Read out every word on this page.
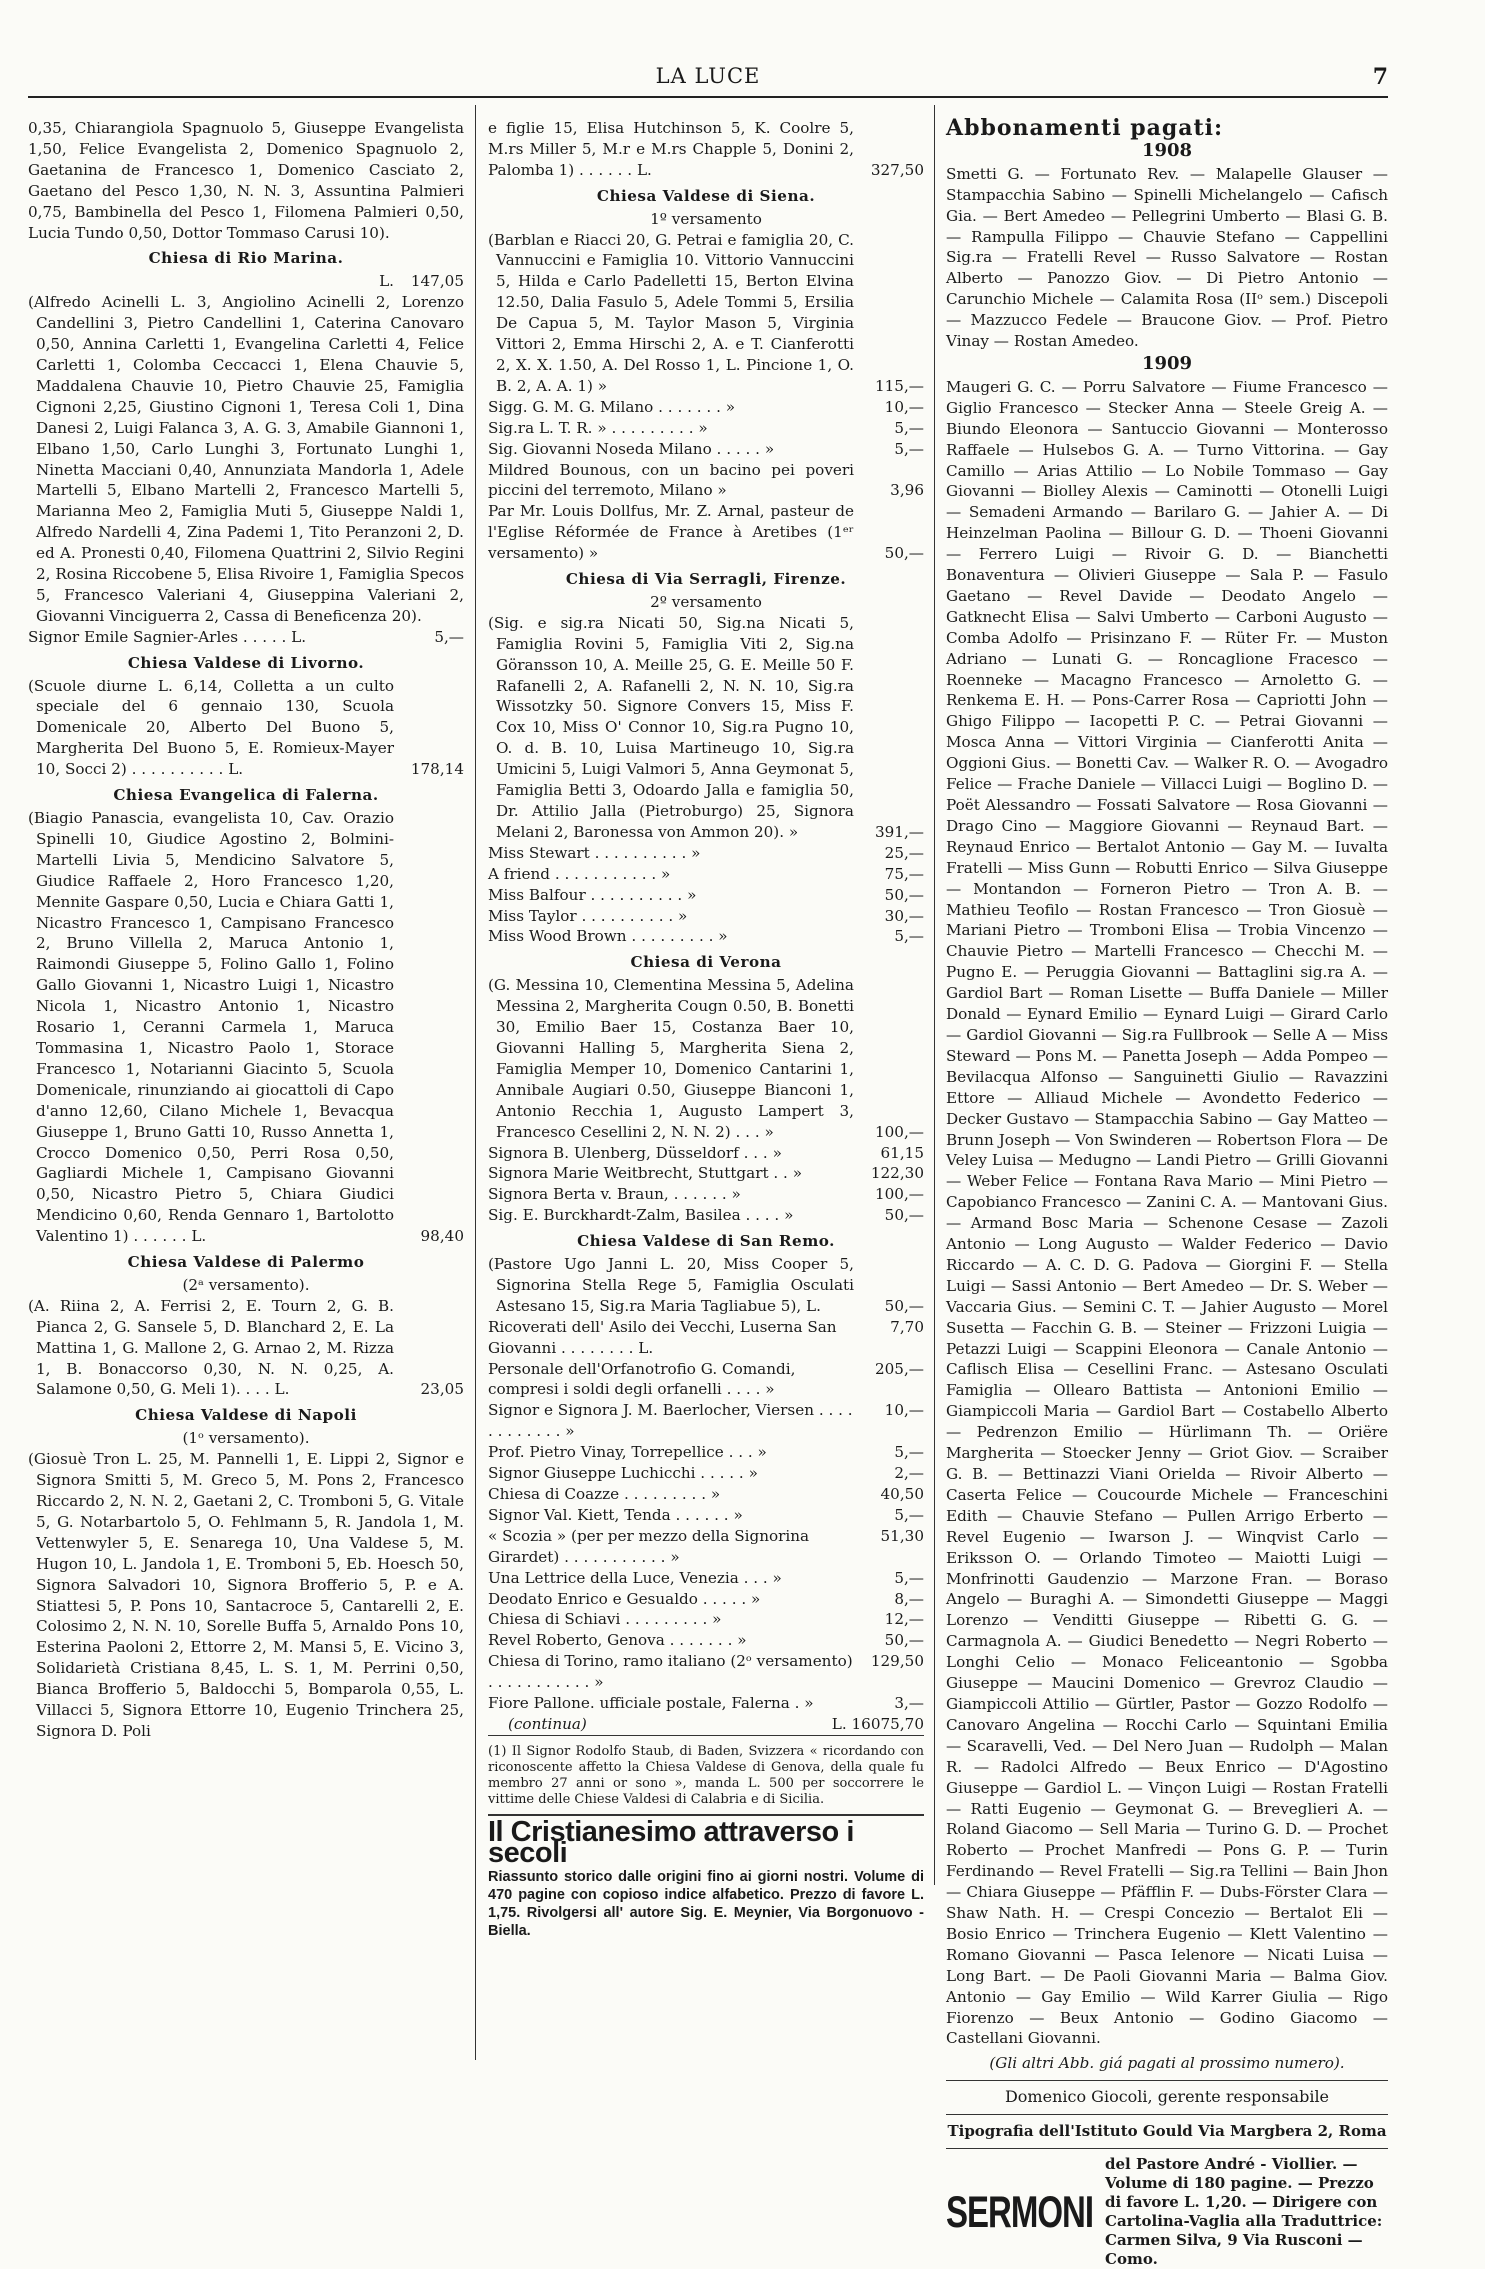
LA LUCE	7

0,35, Chiarangiola Spagnuolo 5, Giuseppe Evangelista 1,50, Felice Evangelista 2, Domenico Spagnuolo 2, Gaetanina de Francesco 1, Domenico Casciato 2, Gaetano del Pesco 1,30, N. N. 3, Assuntina Palmieri 0,75, Bambinella del Pesco 1, Filomena Palmieri 0,50, Lucia Tundo 0,50, Dottor Tommaso Carusi 10).

Chiesa di Rio Marina.
L.	147,05

(Alfredo Acinelli L. 3, Angiolino Acinelli 2, Lorenzo Candellini 3, Pietro Candellini 1, Caterina Canovaro 0,50, Annina Carletti 1, Evangelina Carletti 4, Felice Carletti 1, Colomba Ceccacci 1, Elena Chauvie 5, Maddalena Chauvie 10, Pietro Chauvie 25, Famiglia Cignoni 2,25, Giustino Cignoni 1, Teresa Coli 1, Dina Danesi 2, Luigi Falanca 3, A. G. 3, Amabile Giannoni 1, Elbano 1,50, Carlo Lunghi 3, Fortunato Lunghi 1, Ninetta Macciani 0,40, Annunziata Mandorla 1, Adele Martelli 5, Elbano Martelli 2, Francesco Martelli 5, Marianna Meo 2, Famiglia Muti 5, Giuseppe Naldi 1, Alfredo Nardelli 4, Zina Pademi 1, Tito Peranzoni 2, D. ed A. Pronesti 0,40, Filomena Quattrini 2, Silvio Regini 2, Rosina Riccobene 5, Elisa Rivoire 1, Famiglia Specos 5, Francesco Valeriani 4, Giuseppina Valeriani 2, Giovanni Vinciguerra 2, Cassa di Beneficenza 20).

Signor Emile Sagnier-Arles . . . . . L.	5,—
Chiesa Valdese di Livorno.

(Scuole diurne L. 6,14, Colletta a un culto speciale del 6 gennaio 130, Scuola Domenicale 20, Alberto Del Buono 5, Margherita Del Buono 5, E. Romieux-Mayer 10, Socci 2) . . . . . . . . . . L.	178,14
Chiesa Evangelica di Falerna.

(Biagio Panascia, evangelista 10, Cav. Orazio Spinelli 10, Giudice Agostino 2, Bolmini-Martelli Livia 5, Mendicino Salvatore 5, Giudice Raffaele 2, Horo Francesco 1,20, Mennite Gaspare 0,50, Lucia e Chiara Gatti 1, Nicastro Francesco 1, Campisano Francesco 2, Bruno Villella 2, Maruca Antonio 1, Raimondi Giuseppe 5, Folino Gallo 1, Folino Gallo Giovanni 1, Nicastro Luigi 1, Nicastro Nicola 1, Nicastro Antonio 1, Nicastro Rosario 1, Ceranni Carmela 1, Maruca Tommasina 1, Nicastro Paolo 1, Storace Francesco 1, Notarianni Giacinto 5, Scuola Domenicale, rinunziando ai giocattoli di Capo d'anno 12,60, Cilano Michele 1, Bevacqua Giuseppe 1, Bruno Gatti 10, Russo Annetta 1, Crocco Domenico 0,50, Perri Rosa 0,50, Gagliardi Michele 1, Campisano Giovanni 0,50, Nicastro Pietro 5, Chiara Giudici Mendicino 0,60, Renda Gennaro 1, Bartolotto Valentino 1) . . . . . . L.	98,40
Chiesa Valdese di Palermo
(2ᵃ versamento).

(A. Riina 2, A. Ferrisi 2, E. Tourn 2, G. B. Pianca 2, G. Sansele 5, D. Blanchard 2, E. La Mattina 1, G. Mallone 2, G. Arnao 2, M. Rizza 1, B. Bonaccorso 0,30, N. N. 0,25, A. Salamone 0,50, G. Meli 1). . . . L.	23,05
Chiesa Valdese di Napoli
(1ᵒ versamento).

(Giosuè Tron L. 25, M. Pannelli 1, E. Lippi 2, Signor e Signora Smitti 5, M. Greco 5, M. Pons 2, Francesco Riccardo 2, N. N. 2, Gaetani 2, C. Tromboni 5, G. Vitale 5, G. Notarbartolo 5, O. Fehlmann 5, R. Jandola 1, M. Vettenwyler 5, E. Senarega 10, Una Valdese 5, M. Hugon 10, L. Jandola 1, E. Tromboni 5, Eb. Hoesch 50, Signora Salvadori 10, Signora Brofferio 5, P. e A. Stiattesi 5, P. Pons 10, Santacroce 5, Cantarelli 2, E. Colosimo 2, N. N. 10, Sorelle Buffa 5, Arnaldo Pons 10, Esterina Paoloni 2, Ettorre 2, M. Mansi 5, E. Vicino 3, Solidarietà Cristiana 8,45, L. S. 1, M. Perrini 0,50, Bianca Brofferio 5, Baldocchi 5, Bomparola 0,55, L. Villacci 5, Signora Ettorre 10, Eugenio Trinchera 25, Signora D. Poli

e figlie 15, Elisa Hutchinson 5, K. Coolre 5, M.rs Miller 5, M.r e M.rs Chapple 5, Donini 2, Palomba 1) . . . . . . L.	327,50
Chiesa Valdese di Siena.
1º versamento

(Barblan e Riacci 20, G. Petrai e famiglia 20, C. Vannuccini e Famiglia 10. Vittorio Vannuccini 5, Hilda e Carlo Padelletti 15, Berton Elvina 12.50, Dalia Fasulo 5, Adele Tommi 5, Ersilia De Capua 5, M. Taylor Mason 5, Virginia Vittori 2, Emma Hirschi 2, A. e T. Cianferotti 2, X. X. 1.50, A. Del Rosso 1, L. Pincione 1, O. B. 2, A. A. 1) »	115,—
Sigg. G. M. G. Milano . . . . . . . »	10,—
Sig.ra L. T. R. » . . . . . . . . . »	5,—
Sig. Giovanni Noseda Milano . . . . . »	5,—

Mildred Bounous, con un bacino pei poveri piccini del terremoto, Milano »	3,96

Par Mr. Louis Dollfus, Mr. Z. Arnal, pasteur de l'Eglise Réformée de France à Aretibes (1ᵉʳ versamento) »	50,—
Chiesa di Via Serragli, Firenze.
2º versamento

(Sig. e sig.ra Nicati 50, Sig.na Nicati 5, Famiglia Rovini 5, Famiglia Viti 2, Sig.na Göransson 10, A. Meille 25, G. E. Meille 50 F. Rafanelli 2, A. Rafanelli 2, N. N. 10, Sig.ra Wissotzky 50. Signore Convers 15, Miss F. Cox 10, Miss O' Connor 10, Sig.ra Pugno 10, O. d. B. 10, Luisa Martineugo 10, Sig.ra Umicini 5, Luigi Valmori 5, Anna Geymonat 5, Famiglia Betti 3, Odoardo Jalla e famiglia 50, Dr. Attilio Jalla (Pietroburgo) 25, Signora Melani 2, Baronessa von Ammon 20). »	391,—
Miss Stewart . . . . . . . . . . »	25,—
A friend . . . . . . . . . . . »	75,—
Miss Balfour . . . . . . . . . . »	50,—
Miss Taylor . . . . . . . . . . »	30,—
Miss Wood Brown . . . . . . . . . »	5,—
Chiesa di Verona

(G. Messina 10, Clementina Messina 5, Adelina Messina 2, Margherita Cougn 0.50, B. Bonetti 30, Emilio Baer 15, Costanza Baer 10, Giovanni Halling 5, Margherita Siena 2, Famiglia Memper 10, Domenico Cantarini 1, Annibale Augiari 0.50, Giuseppe Bianconi 1, Antonio Recchia 1, Augusto Lampert 3, Francesco Cesellini 2, N. N. 2) . . . »	100,—
Signora B. Ulenberg, Düsseldorf . . . »	61,15
Signora Marie Weitbrecht, Stuttgart . . »	122,30
Signora Berta v. Braun, . . . . . . »	100,—
Sig. E. Burckhardt-Zalm, Basilea . . . . »	50,—
Chiesa Valdese di San Remo.

(Pastore Ugo Janni L. 20, Miss Cooper 5, Signorina Stella Rege 5, Famiglia Osculati Astesano 15, Sig.ra Maria Tagliabue 5), L.	50,—
Ricoverati dell' Asilo dei Vecchi, Luserna San Giovanni . . . . . . . . L.
7,70
Personale dell'Orfanotrofio G. Comandi, compresi i soldi degli orfanelli . . . . »
205,—
Signor e Signora J. M. Baerlocher, Viersen . . . . . . . . . . . . »
10,—
Prof. Pietro Vinay, Torrepellice . . . »	5,—
Signor Giuseppe Luchicchi . . . . . »	2,—
Chiesa di Coazze . . . . . . . . . »	40,50
Signor Val. Kiett, Tenda . . . . . . »	5,—
« Scozia » (per per mezzo della Signorina Girardet) . . . . . . . . . . . »
51,30
Una Lettrice della Luce, Venezia . . . »	5,—
Deodato Enrico e Gesualdo . . . . . »	8,—
Chiesa di Schiavi . . . . . . . . . »	12,—
Revel Roberto, Genova . . . . . . . »	50,—
Chiesa di Torino, ramo italiano (2ᵒ versamento) . . . . . . . . . . . »
129,50
Fiore Pallone. ufficiale postale, Falerna . »	3,—
(continua)	L. 16075,70
(1) Il Signor Rodolfo Staub, di Baden, Svizzera « ricordando con riconoscente affetto la Chiesa Valdese di Genova, della quale fu membro 27 anni or sono », manda L. 500 per soccorrere le vittime delle Chiese Valdesi di Calabria e di Sicilia.
Il Cristianesimo attraverso i secoli
Riassunto storico dalle origini fino ai giorni nostri. Volume di 470 pagine con copioso indice alfabetico. Prezzo di favore L. 1,75. Rivolgersi all' autore Sig. E. Meynier, Via Borgonuovo - Biella.
Abbonamenti pagati:
1908

Smetti G. — Fortunato Rev. — Malapelle Glauser — Stampacchia Sabino — Spinelli Michelangelo — Cafisch Gia. — Bert Amedeo — Pellegrini Umberto — Blasi G. B. — Rampulla Filippo — Chauvie Stefano — Cappellini Sig.ra — Fratelli Revel — Russo Salvatore — Rostan Alberto — Panozzo Giov. — Di Pietro Antonio — Carunchio Michele — Calamita Rosa (IIᵒ sem.) Discepoli — Mazzucco Fedele — Braucone Giov. — Prof. Pietro Vinay — Rostan Amedeo.

1909

Maugeri G. C. — Porru Salvatore — Fiume Francesco — Giglio Francesco — Stecker Anna — Steele Greig A. — Biundo Eleonora — Santuccio Giovanni — Monterosso Raffaele — Hulsebos G. A. — Turno Vittorina. — Gay Camillo — Arias Attilio — Lo Nobile Tommaso — Gay Giovanni — Biolley Alexis — Caminotti — Otonelli Luigi — Semadeni Armando — Barilaro G. — Jahier A. — Di Heinzelman Paolina — Billour G. D. — Thoeni Giovanni — Ferrero Luigi — Rivoir G. D. — Bianchetti Bonaventura — Olivieri Giuseppe — Sala P. — Fasulo Gaetano — Revel Davide — Deodato Angelo — Gatknecht Elisa — Salvi Umberto — Carboni Augusto — Comba Adolfo — Prisinzano F. — Rüter Fr. — Muston Adriano — Lunati G. — Roncaglione Fracesco — Roenneke — Macagno Francesco — Arnoletto G. — Renkema E. H. — Pons-Carrer Rosa — Capriotti John — Ghigo Filippo — Iacopetti P. C. — Petrai Giovanni — Mosca Anna — Vittori Virginia — Cianferotti Anita — Oggioni Gius. — Bonetti Cav. — Walker R. O. — Avogadro Felice — Frache Daniele — Villacci Luigi — Boglino D. — Poët Alessandro — Fossati Salvatore — Rosa Giovanni — Drago Cino — Maggiore Giovanni — Reynaud Bart. — Reynaud Enrico — Bertalot Antonio — Gay M. — Iuvalta Fratelli — Miss Gunn — Robutti Enrico — Silva Giuseppe — Montandon — Forneron Pietro — Tron A. B. — Mathieu Teofilo — Rostan Francesco — Tron Giosuè — Mariani Pietro — Tromboni Elisa — Trobia Vincenzo — Chauvie Pietro — Martelli Francesco — Checchi M. — Pugno E. — Peruggia Giovanni — Battaglini sig.ra A. — Gardiol Bart — Roman Lisette — Buffa Daniele — Miller Donald — Eynard Emilio — Eynard Luigi — Girard Carlo — Gardiol Giovanni — Sig.ra Fullbrook — Selle A — Miss Steward — Pons M. — Panetta Joseph — Adda Pompeo — Bevilacqua Alfonso — Sanguinetti Giulio — Ravazzini Ettore — Alliaud Michele — Avondetto Federico — Decker Gustavo — Stampacchia Sabino — Gay Matteo — Brunn Joseph — Von Swinderen — Robertson Flora — De Veley Luisa — Medugno — Landi Pietro — Grilli Giovanni — Weber Felice — Fontana Rava Mario — Mini Pietro — Capobianco Francesco — Zanini C. A. — Mantovani Gius. — Armand Bosc Maria — Schenone Cesase — Zazoli Antonio — Long Augusto — Walder Federico — Davio Riccardo — A. C. D. G. Padova — Giorgini F. — Stella Luigi — Sassi Antonio — Bert Amedeo — Dr. S. Weber — Vaccaria Gius. — Semini C. T. — Jahier Augusto — Morel Susetta — Facchin G. B. — Steiner — Frizzoni Luigia — Petazzi Luigi — Scappini Eleonora — Canale Antonio — Caflisch Elisa — Cesellini Franc. — Astesano Osculati Famiglia — Ollearo Battista — Antonioni Emilio — Giampiccoli Maria — Gardiol Bart — Costabello Alberto — Pedrenzon Emilio — Hürlimann Th. — Oriëre Margherita — Stoecker Jenny — Griot Giov. — Scraiber G. B. — Bettinazzi Viani Orielda — Rivoir Alberto — Caserta Felice — Coucourde Michele — Franceschini Edith — Chauvie Stefano — Pullen Arrigo Erberto — Revel Eugenio — Iwarson J. — Winqvist Carlo — Eriksson O. — Orlando Timoteo — Maiotti Luigi — Monfrinotti Gaudenzio — Marzone Fran. — Boraso Angelo — Buraghi A. — Simondetti Giuseppe — Maggi Lorenzo — Venditti Giuseppe — Ribetti G. G. — Carmagnola A. — Giudici Benedetto — Negri Roberto — Longhi Celio — Monaco Feliceantonio — Sgobba Giuseppe — Maucini Domenico — Grevroz Claudio — Giampiccoli Attilio — Gürtler, Pastor — Gozzo Rodolfo — Canovaro Angelina — Rocchi Carlo — Squintani Emilia — Scaravelli, Ved. — Del Nero Juan — Rudolph — Malan R. — Radolci Alfredo — Beux Enrico — D'Agostino Giuseppe — Gardiol L. — Vinçon Luigi — Rostan Fratelli — Ratti Eugenio — Geymonat G. — Breveglieri A. — Roland Giacomo — Sell Maria — Turino G. D. — Prochet Roberto — Prochet Manfredi — Pons G. P. — Turin Ferdinando — Revel Fratelli — Sig.ra Tellini — Bain Jhon — Chiara Giuseppe — Pfäfflin F. — Dubs-Förster Clara — Shaw Nath. H. — Crespi Concezio — Bertalot Eli — Bosio Enrico — Trinchera Eugenio — Klett Valentino — Romano Giovanni — Pasca Ielenore — Nicati Luisa — Long Bart. — De Paoli Giovanni Maria — Balma Giov. Antonio — Gay Emilio — Wild Karrer Giulia — Rigo Fiorenzo — Beux Antonio — Godino Giacomo — Castellani Giovanni.

(Gli altri Abb. giá pagati al prossimo numero).
Domenico Giocoli, gerente responsabile
Tipografia dell'Istituto Gould Via Margbera 2, Roma
SERMONI
del Pastore André - Viollier. — Volume di 180 pagine. — Prezzo di favore L. 1,20. — Dirigere con Cartolina-Vaglia alla Traduttrice: Carmen Silva, 9 Via Rusconi — Como.
